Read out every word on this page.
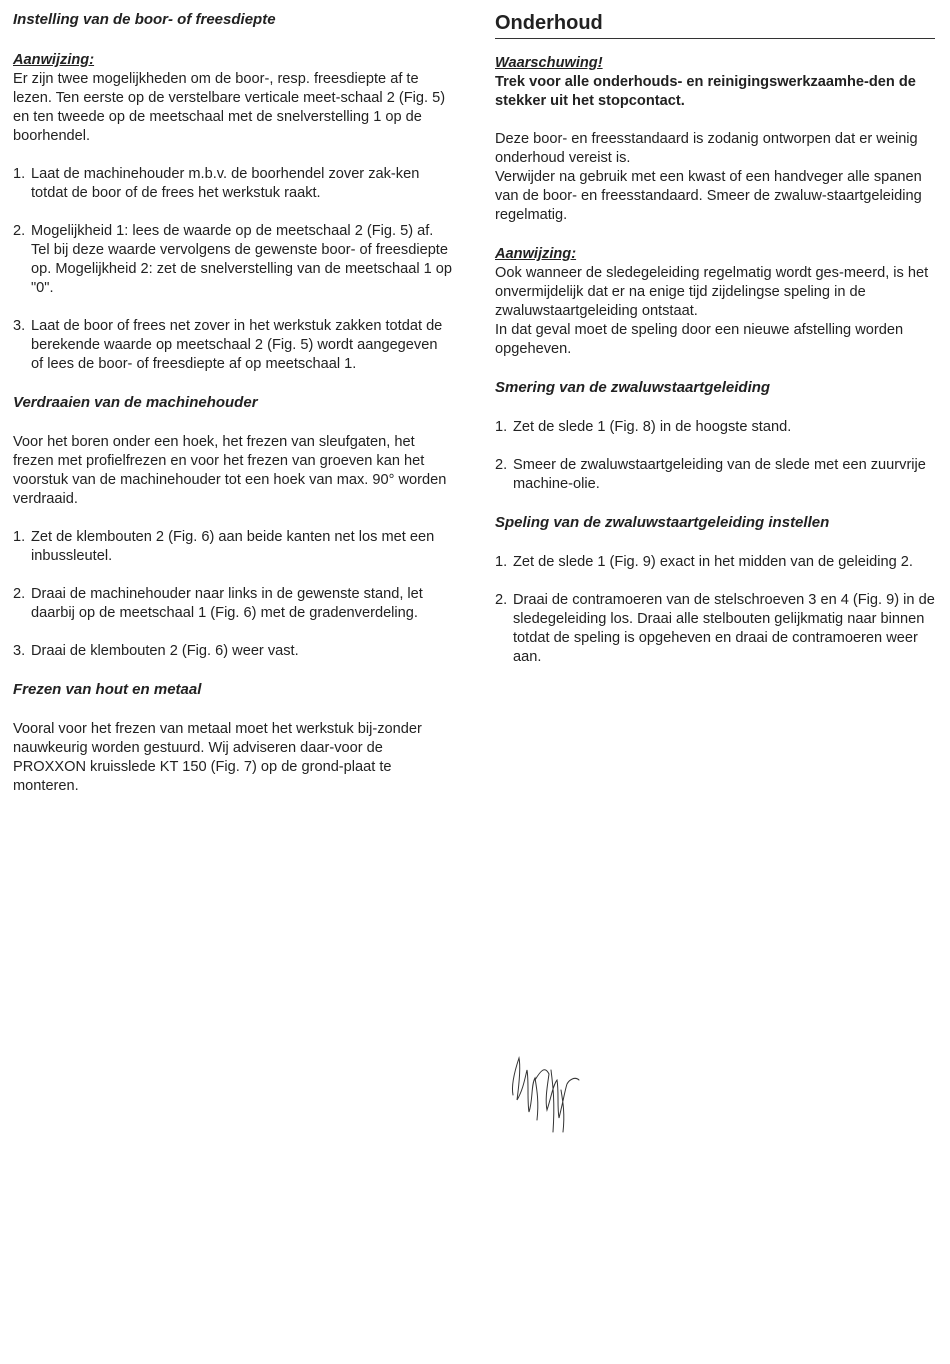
Instelling van de boor- of freesdiepte
Aanwijzing:

Er zijn twee mogelijkheden om de boor-, resp. freesdiepte af te lezen. Ten eerste op de verstelbare verticale meet-schaal 2 (Fig. 5) en ten tweede op de meetschaal met de snelverstelling 1 op de boorhendel.

1. Laat de machinehouder m.b.v. de boorhendel zover zak-ken totdat de boor of de frees het werkstuk raakt.
2. Mogelijkheid 1: lees de waarde op de meetschaal 2 (Fig. 5) af. Tel bij deze waarde vervolgens de gewenste boor- of freesdiepte op. Mogelijkheid 2: zet de snelverstelling van de meetschaal 1 op "0".
3. Laat de boor of frees net zover in het werkstuk zakken totdat de berekende waarde op meetschaal 2 (Fig. 5) wordt aangegeven of lees de boor- of freesdiepte af op meetschaal 1.
Verdraaien van de machinehouder

Voor het boren onder een hoek, het frezen van sleufgaten, het frezen met profielfrezen en voor het frezen van groeven kan het voorstuk van de machinehouder tot een hoek van max. 90° worden verdraaid.

1. Zet de klembouten 2 (Fig. 6) aan beide kanten net los met een inbussleutel.
2. Draai de machinehouder naar links in de gewenste stand, let daarbij op de meetschaal 1 (Fig. 6) met de gradenverdeling.
3. Draai de klembouten 2 (Fig. 6) weer vast.
Frezen van hout en metaal

Vooral voor het frezen van metaal moet het werkstuk bij-zonder nauwkeurig worden gestuurd. Wij adviseren daar-voor de PROXXON kruisslede KT 150 (Fig. 7) op de grond-plaat te monteren.

Onderhoud
Waarschuwing!

Trek voor alle onderhouds- en reinigingswerkzaamhe-den de stekker uit het stopcontact.

Deze boor- en freesstandaard is zodanig ontworpen dat er weinig onderhoud vereist is.

Verwijder na gebruik met een kwast of een handveger alle spanen van de boor- en freesstandaard. Smeer de zwaluw-staartgeleiding regelmatig.

Aanwijzing:

Ook wanneer de sledegeleiding regelmatig wordt ges-meerd, is het onvermijdelijk dat er na enige tijd zijdelingse speling in de zwaluwstaartgeleiding ontstaat.

In dat geval moet de speling door een nieuwe afstelling worden opgeheven.

Smering van de zwaluwstaartgeleiding
1. Zet de slede 1 (Fig. 8) in de hoogste stand.
2. Smeer de zwaluwstaartgeleiding van de slede met een zuurvrije machine-olie.
Speling van de zwaluwstaartgeleiding instellen
1. Zet de slede 1 (Fig. 9) exact in het midden van de geleiding 2.
2. Draai de contramoeren van de stelschroeven 3 en 4 (Fig. 9) in de sledegeleiding los. Draai alle stelbouten gelijkmatig naar binnen totdat de speling is opgeheven en draai de contramoeren weer aan.
